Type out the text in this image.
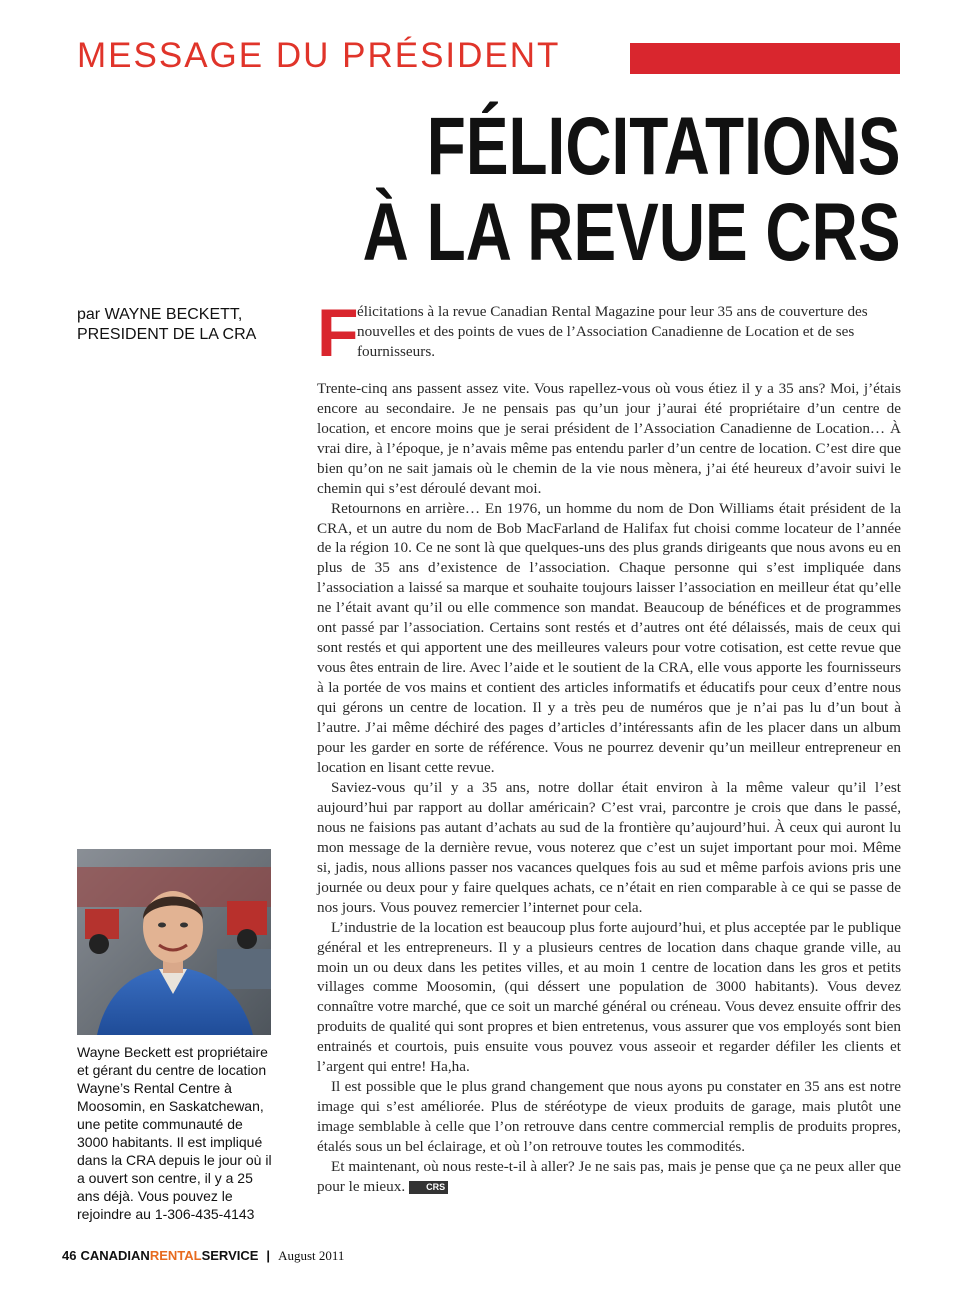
MESSAGE DU PRÉSIDENT
FÉLICITATIONS
À LA REVUE CRS
par WAYNE BECKETT,
PRESIDENT DE LA CRA F
élicitations à la revue Canadian Rental Magazine pour leur 35 ans de couverture des nouvelles et des points de vues de l’Association Canadienne de Location et de ses fournisseurs.

Trente-cinq ans passent assez vite. Vous rapellez-vous où vous étiez il y a 35 ans? Moi, j’étais encore au secondaire. Je ne pensais pas qu’un jour j’aurai été propriétaire d’un centre de location, et encore moins que je serai président de l’Association Canadienne de Location… À vrai dire, à l’époque, je n’avais même pas entendu parler d’un centre de location. C’est dire que bien qu’on ne sait jamais où le chemin de la vie nous mènera, j’ai été heureux d’avoir suivi le chemin qui s’est déroulé devant moi.

Retournons en arrière… En 1976, un homme du nom de Don Williams était président de la CRA, et un autre du nom de Bob MacFarland de Halifax fut choisi comme locateur de l’année de la région 10. Ce ne sont là que quelques-uns des plus grands dirigeants que nous avons eu en plus de 35 ans d’existence de l’association. Chaque personne qui s’est impliquée dans l’association a laissé sa marque et souhaite toujours laisser l’association en meilleur état qu’elle ne l’était avant qu’il ou elle commence son mandat. Beaucoup de bénéfices et de programmes ont passé par l’association. Certains sont restés et d’autres ont été délaissés, mais de ceux qui sont restés et qui apportent une des meilleures valeurs pour votre cotisation, est cette revue que vous êtes entrain de lire. Avec l’aide et le soutient de la CRA, elle vous apporte les fournisseurs à la portée de vos mains et contient des articles informatifs et éducatifs pour ceux d’entre nous qui gérons un centre de location. Il y a très peu de numéros que je n’ai pas lu d’un bout à l’autre. J’ai même déchiré des pages d’articles d’intéressants afin de les placer dans un album pour les garder en sorte de référence. Vous ne pourrez devenir qu’un meilleur entrepreneur en location en lisant cette revue.

Saviez-vous qu’il y a 35 ans, notre dollar était environ à la même valeur qu’il l’est aujourd’hui par rapport au dollar américain? C’est vrai, parcontre je crois que dans le passé, nous ne faisions pas autant d’achats au sud de la frontière qu’aujourd’hui. À ceux qui auront lu mon message de la dernière revue, vous noterez que c’est un sujet important pour moi. Même si, jadis, nous allions passer nos vacances quelques fois au sud et même parfois avions pris une journée ou deux pour y faire quelques achats, ce n’était en rien comparable à ce qui se passe de nos jours. Vous pouvez remercier l’internet pour cela.

L’industrie de la location est beaucoup plus forte aujourd’hui, et plus acceptée par le publique général et les entrepreneurs. Il y a plusieurs centres de location dans chaque grande ville, au moin un ou deux dans les petites villes, et au moin 1 centre de location dans les gros et petits villages comme Moosomin, (qui déssert une population de 3000 habitants). Vous devez connaître votre marché, que ce soit un marché général ou créneau. Vous devez ensuite offrir des produits de qualité qui sont propres et bien entretenus, vous assurer que vos employés sont bien entrainés et courtois, puis ensuite vous pouvez vous asseoir et regarder défiler les clients et l’argent qui entre! Ha,ha.

Il est possible que le plus grand changement que nous ayons pu constater en 35 ans est notre image qui s’est améliorée. Plus de stéréotype de vieux produits de garage, mais plutôt une image semblable à celle que l’on retrouve dans centre commercial remplis de produits propres, étalés sous un bel éclairage, et où l’on retrouve toutes les commodités.

Et maintenant, où nous reste-t-il à aller? Je ne sais pas, mais je pense que ça ne peux aller que pour le mieux. CRS

Wayne Beckett est propriétaire et gérant du centre de location Wayne’s Rental Centre à Moosomin, en Saskatchewan, une petite communauté de 3000 habitants. Il est impliqué dans la CRA depuis le jour où il a ouvert son centre, il y a 25 ans déjà. Vous pouvez le rejoindre au 1-306-435-4143
46 CANADIAN RENTAL SERVICE | August 2011
